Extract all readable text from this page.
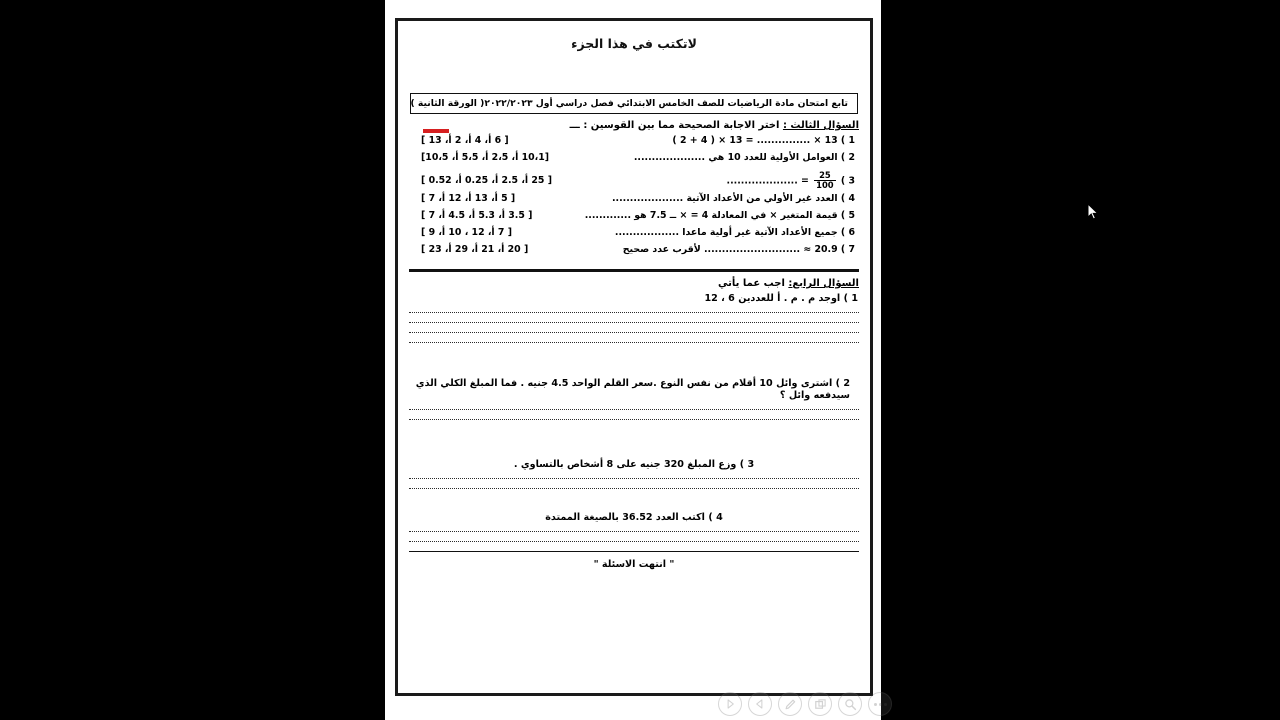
لاتكتب في هذا الجزء
تابع امتحان مادة الرياضيات للصف الخامس الابتدائي فصل دراسي أول ٢٠٢٢/٢٠٢٣
( الورقة الثانية )
السؤال الثالث : اختر الاجابة الصحيحة مما بين القوسين : ـــ
1 ) 13 × ............... = 13 × ( 4 + 2 )
[ 6 أ، 4 أ، 2 أ، 13 ]
2 ) العوامل الأولية للعدد 10 هي ....................
[10،1 أ، 2،5 أ، 5،5 أ، 10،5]
3 )
$\frac{25}{100}$
= ....................
[ 25 أ، 2.5 أ، 0.25 أ، 0.52 ]
4 ) العدد غير الأولي من الأعداد الآتية ....................
[ 5 أ، 13 أ، 12 أ، 7 ]
5 ) قيمة المتغير × في المعادلة 4 = × ــ 7.5 هو .............
[ 3.5 أ، 5.3 أ، 4.5 أ، 7 ]
6 ) جميع الأعداد الآتية غير أولية ماعدا ..................
[ 7 أ، 12 ، 10 أ، 9 ]
7 ) 20.9 ≈ ........................... لأقرب عدد صحيح
[ 20 أ، 21 أ، 29 أ، 23 ]
السؤال الرابع: اجب عما يأتي
1 ) اوجد م . م . أ للعددين 6 ، 12
2 ) اشترى وائل 10 أقلام من نفس النوع .سعر القلم الواحد 4.5 جنيه . فما المبلغ الكلي الذي سيدفعه وائل ؟
3 ) وزع المبلغ 320 جنيه على 8 أشخاص بالتساوي .
4 ) اكتب العدد 36.52 بالصيغة الممتدة
" انتهت الاسئلة "
